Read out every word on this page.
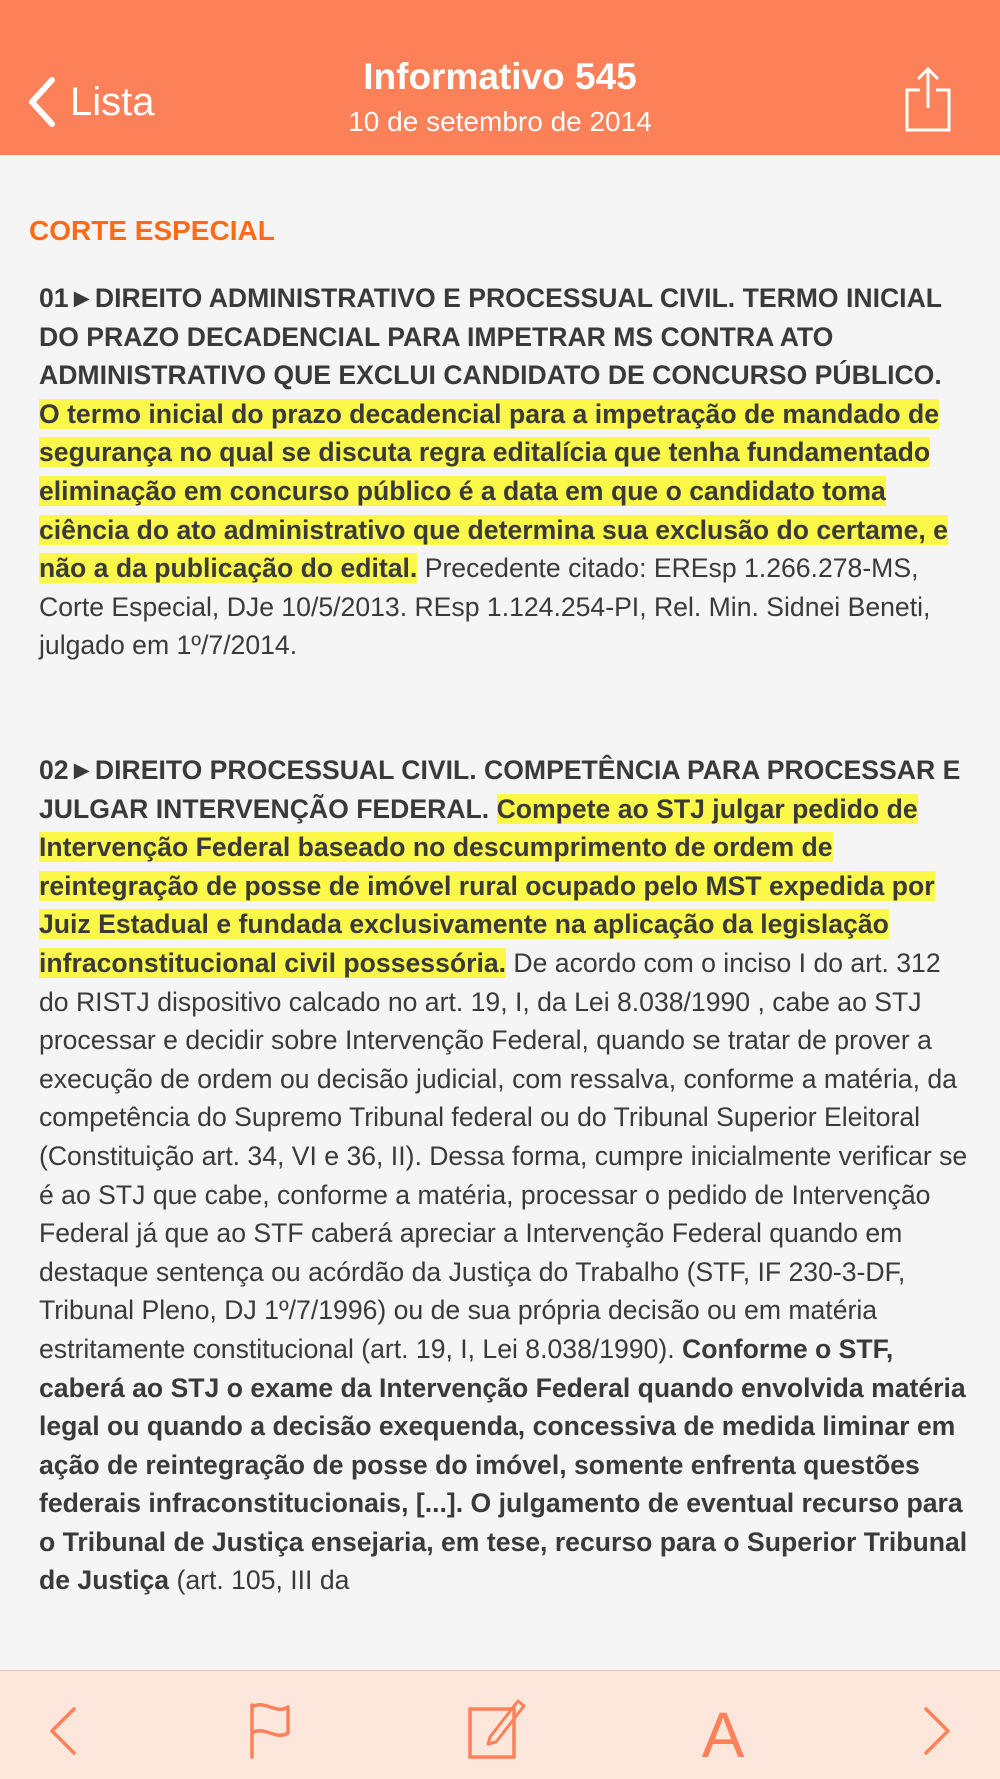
Lista
Informativo 545
10 de setembro de 2014
CORTE ESPECIAL
01►DIREITO ADMINISTRATIVO E PROCESSUAL CIVIL. TERMO INICIAL DO PRAZO DECADENCIAL PARA IMPETRAR MS CONTRA ATO ADMINISTRATIVO QUE EXCLUI CANDIDATO DE CONCURSO PÚBLICO. O termo inicial do prazo decadencial para a impetração de mandado de segurança no qual se discuta regra editalícia que tenha fundamentado eliminação em concurso público é a data em que o candidato toma ciência do ato administrativo que determina sua exclusão do certame, e não a da publicação do edital. Precedente citado: EREsp 1.266.278-MS, Corte Especial, DJe 10/5/2013. REsp 1.124.254-PI, Rel. Min. Sidnei Beneti, julgado em 1º/7/2014.
02►DIREITO PROCESSUAL CIVIL. COMPETÊNCIA PARA PROCESSAR E JULGAR INTERVENÇÃO FEDERAL. Compete ao STJ julgar pedido de Intervenção Federal baseado no descumprimento de ordem de reintegração de posse de imóvel rural ocupado pelo MST expedida por Juiz Estadual e fundada exclusivamente na aplicação da legislação infraconstitucional civil possessória. De acordo com o inciso I do art. 312 do RISTJ dispositivo calcado no art. 19, I, da Lei 8.038/1990 , cabe ao STJ processar e decidir sobre Intervenção Federal, quando se tratar de prover a execução de ordem ou decisão judicial, com ressalva, conforme a matéria, da competência do Supremo Tribunal federal ou do Tribunal Superior Eleitoral (Constituição art. 34, VI e 36, II). Dessa forma, cumpre inicialmente verificar se é ao STJ que cabe, conforme a matéria, processar o pedido de Intervenção Federal já que ao STF caberá apreciar a Intervenção Federal quando em destaque sentença ou acórdão da Justiça do Trabalho (STF, IF 230-3-DF, Tribunal Pleno, DJ 1º/7/1996) ou de sua própria decisão ou em matéria estritamente constitucional (art. 19, I, Lei 8.038/1990). Conforme o STF, caberá ao STJ o exame da Intervenção Federal quando envolvida matéria legal ou quando a decisão exequenda, concessiva de medida liminar em ação de reintegração de posse do imóvel, somente enfrenta questões federais infraconstitucionais, [...]. O julgamento de eventual recurso para o Tribunal de Justiça ensejaria, em tese, recurso para o Superior Tribunal de Justiça (art. 105, III da
A
